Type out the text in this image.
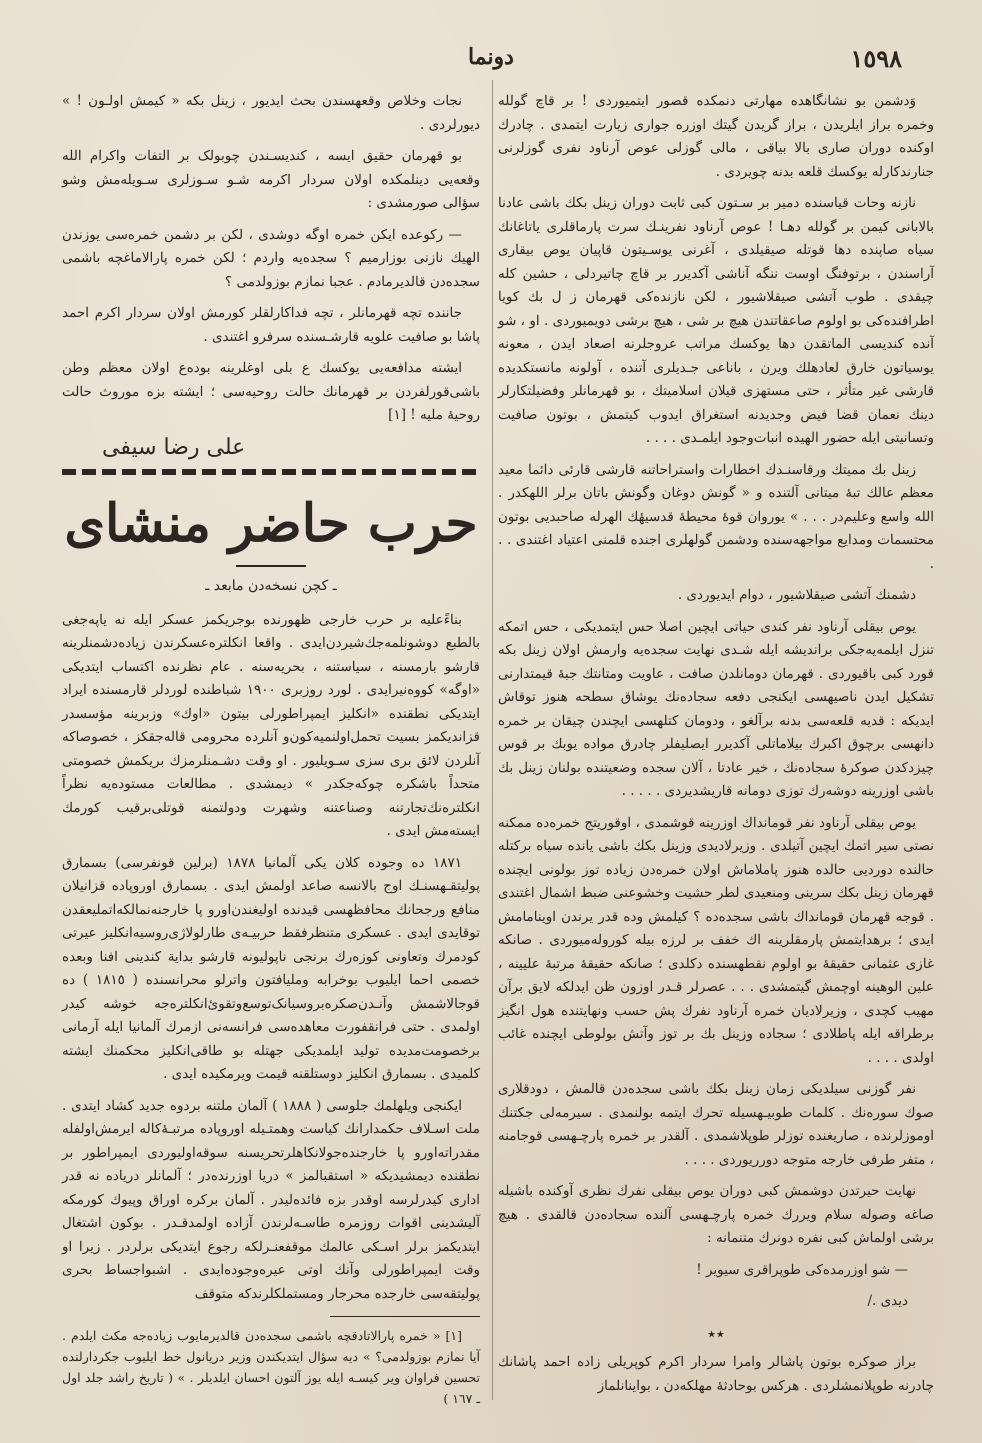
١٥٩٨
دونما

وَدشمن بو نشانگاهده مهارتی دنمکده قصور ایتمیوردی ! بر قاچ گولله وخمره براز ایلریدن ، براز گریدن گیتك اوزره جواری زیارت ایتمدی . چادرك اوکنده دوران صاری بالا بیاقی ، مالی گوزلی عوص آرناود نفری گوزلرنی جنارندکارله یوکسك قلعه بدنه چویردی .

نازنه وحات قیاسنده دمیر بر سـتون کبی ثابت دوران زینل بکك باشی عادنا بالابانی کیمن بر گولله دهـا ! عوص آرناود نفرینـك سرت پارماقلری یاتاغانك سیاه صاپنده دها قوتله صیقیلدی ، آغرنی یوسـیتون قاپیان یوص بیقاری آراسندن ، برتوفنگ اوست ننگه آناشی آکدیرر بر قاچ چاتیردلی ، حشین کله چیقدی . طوب آتشی صیقلاشیور ، لکن نازنده‌کی قهرمان ز ل بك کویا اطرافنده‌کی بو اولوم صاعقاتندن هیچ بر شی ، هیچ برشی دویمیوردی . او ، شو آنده کندیسی الماتقدن دها یوکسك مراتب عروجلرنه اصعاد ایدن ، معونه یوسیاتون خارق لعادهلك ویرن ، باناعی جـدیلری آتنده ، آولونه مانستکدیده قارشی غیر متأثر ، حتی مستهزی قیلان اسلامیتك ، بو قهرمانلر وفضیلتکارلر دینك نعمان قضا فیض وجدیدنه استغراق ایدوب کیتمش ، بوتون صافیت وتسانیتی ایله حضور الهیده انبات‌وجود ایلمـدی . . . .

زینل بك ممیتك ورقاسنـدك اخطارات واستراحاتنه قارشی قارئی دائما معید معظم عالك تبهٔ میتانی آلتنده و « گونش دوغان وگونش باتان برلر اللهکدر . الله واسع وعلیم‌در . . . » یوروان قوهٔ محیطهٔ قدسیهٔك الهرله صاحبدیی بوتون محتسمات ومدایع مواجهه‌سنده ودشمن گولهلری اجنده قلمنی اعتیاد اغتندی . . .

دشمنك آتشی صیقلاشیور ، دوام ایدیوردی .

یوص بیقلی آرناود نفر کندی حیاتی ایچین اصلا حس ایتمدیکی ، حس اتمکه تنزل ایلمه‌یه‌جکی براندیشه ایله شـدی نهایت سجده‌یه وارمش اولان زینل بکه قورد کبی باقیوردی . قهرمان دومانلدن صافت ، عاویت ومتانتك جبهٔ قیمتدارنی تشکیل ایدن ناصیهسی ایکنجی دفعه سجاده‌نك یوشاق سطحه هنوز توقاش ایدیکه : قدیه قلعه‌سی بدنه برآلغو ، ودومان کتلهسی ایچندن چیقان بر خمره دانهسی برچوق اکبرك بیلاماتلی آکدیرر ایصلیفلر چادرق مواده یوبك بر قوس چیزدکدن صوکرهٔ سجاده‌نك ، خیر عادتا ، آلان سجده وضعیتنده بولنان زینل بك باشی اوزرینه دوشه‌رك توزی دومانه قاریشدیردی . . . . .

یوص بیقلی آرناود نفر قومانداك اوزرینه قوشمدی ، اوقوریتج خمره‌ده ممکنه نصتی سیر اتمك ایچین آتیلدی . وزیرلادیدی وزینل بکك باشی یانده سیاه برکتله حالنده دوردیی حالده هنوز پاملاماش اولان خمره‌دن زیاده توز بولونی ایچنده قهرمان زینل بکك سرینی ومنعیدی لطر حشیت وخشوعنی ضبط اشمال اغتندی . قوجه قهرمان قومانداك باشی سجده‌ده ؟ کیلمش وده قدر یرندن اوینامامش ایدی ؛ برهدایتمش پارمقلرینه اك خفف بر لرزه بیله کوروله‌میوردی . صانکه غازی عثمانی حقیقهٔ بو اولوم نقطهسنده دکلدی ؛ صانکه حقیقهٔ مرتبهٔ علیینه ، علین الوهینه اوچمش گیتمشدی . . . عصرلر قـدر اوزون ظن ایدلکه لایق برآن مهیب کچدی ، وزیرلادیان خمره آرناود نفرك پش حسب ونهایتنده هول انگیز برطراقه ایله پاطلادی ؛ سجاده وزینل بك بر توز وآتش بولوطی ایچنده غائب اولدی . . . .

نفر گوزنی سیلدیکی زمان زینل بکك باشی سجده‌دن قالمش ، دودقلاری صوك سوره‌نك . کلمات طوبیـهسیله تحرك ایتمه بولنمدی . سیرمه‌لی جکتنك اوموزلرنده ، صاریغنده توزلر طوپلاشمدی . آلقدر بر خمره پارچـهسی قوجامنه ، متفر طرفی خارجه متوجه دورریوردی . . . .

نهایت حیرتدن دوشمش کبی دوران یوص بیقلی نفرك نظری آوکنده باشیله صاغه وصوله سلام ویررك خمره پارچـهسی آلنده سجاده‌دن قالقدی . هیچ برشی اولماش کبی نفره دونرك متنمانه :

— شو اوزرمده‌کی طوپراقری سیویر !

دیدی ./

٭٭

براز صوکره بوتون پاشالر وامرا سردار اکرم کوپریلی زاده احمد پاشانك چادرنه طوپلانمشلردی . هرکس بوحادثهٔ مهلکه‌دن ، بواینانلماز

نجات وخلاص وقعهسندن بحث ایدیور ، زینل بکه « کیمش اولـون ! » دیورلردی .

بو قهرمان حقیق ایسه ، کندیسـندن چوبولک بر التفات واکرام الله وقعه‌یی دینلمکده اولان سردار اکرمه شـو سـوزلری سـویله‌مش وشو سؤالی صورمشدی :

— رکوعده ایکن خمره اوگه دوشدی ، لکن بر دشمن خمره‌سی یوزندن الهیك نازنی بوزارمیم ؟ سجده‌یه واردم ؛ لکن خمره پارالاماغچه باشمی سجده‌دن قالدیرمادم . عجبا نمازم بوزولدمی ؟

جاننده تچه قهرمانلر ، تچه فداکارلقلر کورمش اولان سردار اکرم احمد پاشا بو صافیت علویه قارشـسنده سرفرو اغتندی .

ایشته مدافعه‌یی یوکسك ع بلی اوغلرینه بوده‌ع اولان معظم وطن باشی‌قورلفردن بر قهرمانك حالت روحیه‌سی ؛ ایشته بزه موروث حالت روحیهٔ ملیه ! [١]

علی رضا سیفی

حرب حاضر منشای

ـ کچن نسخه‌دن مابعد ـ

بناءًعلیه بر حرب خارجی ظهورنده بوجریکمز عسکر ایله نه یاپه‌جغی بالطبع دوشونلمه‌جك‌شیردن‌ایدی . واقعا انکلتره‌عسکرندن زیاده‌دشمنلرینه قارشو بارمسنه ، سیاستنه ، بحریه‌سنه . عام نظرنده اکتساب ایتدیکی «اوگه» کووه‌نیرایدی . لورد روزبری ١٩٠٠ شباطنده لوردلر قارمسنده ایراد ایتدیکی نطقنده «انکلیز ایمپراطورلی بیتون «اوك» وزبرینه مؤسسدر قزاندیکمز بسیت تحمل‌اولنمیه‌کون‌و آنلرده محرومی قاله‌جقکز ، خصوصاکه آنلردن لائق بری سزی سـویلیور . او وقت دشـمنلرمزك بریکمش خصومتی متحداً باشکره چوکه‌جکدر » دیمشدی . مطالعات مستوده‌یه نظراً انکلتره‌نك‌تجارتنه وصناعتنه وشهرت ودولتمنه قوتلی‌برقیب کورمك ایسته‌مش ایدی .

١٨٧١ ده وجوده کلان یکی آلمانیا ١٨٧٨ (برلین قونفرسی) بسمارق پولیتقـهسنـك اوج بالانسه صاعد اولمش ایدی . بسمارق اوروپاده قزانیلان منافع ورجحانك محافظهسی قیدنده اوليغندن‌اورو پا خارجنه‌نمالکه‌اتملیعقدن توقایدی ایدی . عسکری متنظرفقط حربیـه‌ی طارلولاژی‌روسیه‌انکلیز عیرتی کودمرك وتعاونی کوزه‌رك برنجی ناپولیونه قارشو بدایة کندینی افنا وبعده خصمی احما ایلیوب بوخرابه وملیافتون واترلو محرانسنده ( ١٨١٥ ) ده قوجالاشمش وآنـدن‌صکره‌بروسیانک‌توسع‌وتقویٔ‌انکلتره‌جه خوشه کیدر اولمدی . حتی فرانقفورت معاهده‌سی فرانسه‌نی ازمرك آلمانیا ایله آرمانی برخصومت‌مدیده تولید ایلمدیکی جهتله بو طاقی‌انکلیز محکمنك ایشته کلمیدی . بسمارق انکلیز دوستلقنه قیمت ویرمکیده ایدی .

ایکنجی ویلهلمك جلوسی ( ١٨٨٨ ) آلمان ملتنه بردوه جدید کشاد ایتدی . ملت اسـلاف حکمدارانك کیاست وهمتـیله اوروپاده مرتبـهٔ‌کاله ایرمش‌اولفله مقدراته‌اورو پا خارجنده‌جولانکاهلر‌تحریسنه سوقه‌اولیوردی ایمپراطور بر نطقنده دیمشیدیکه « استقبالمز » دریا اوزرنده‌در ؛ آلمانلر دریاده نه قدر اداری کیدرلرسه اوقدر بزه فائده‌لیدر . آلمان برکره اوراق وپیوك کورمکه آلیشدینی اقوات روزمره طاسـه‌لرندن آزاده اولمدقـدر . بوکون اشتغال ایتدیکمز برلر اسـکی عالمك موقفعنـرلکه رجوع ایتدیکی برلردر . زیرا او وقت ایمپراطورلی وآنك اوتی عیره‌وجوده‌ایدی . اشبواجساط بحری پولیتقه‌سی خارجده محرجار ومستملکلرندکه متوقف

[١] « خمره پارالاتادقچه باشمی سجده‌دن قالدیرمایوب زیاده‌جه مکث ایلدم . آیا نمازم بوزولدمی؟ » دیه سؤال ایتدیکندن وزیر دریانول خط ایلیوب جکردارلنده تحسین فراوان ویر کیسـه ایله یوز آلتون احسان ایلدیلر . » ( تاریخ راشد جلد اول ـ ١٦٧ )
